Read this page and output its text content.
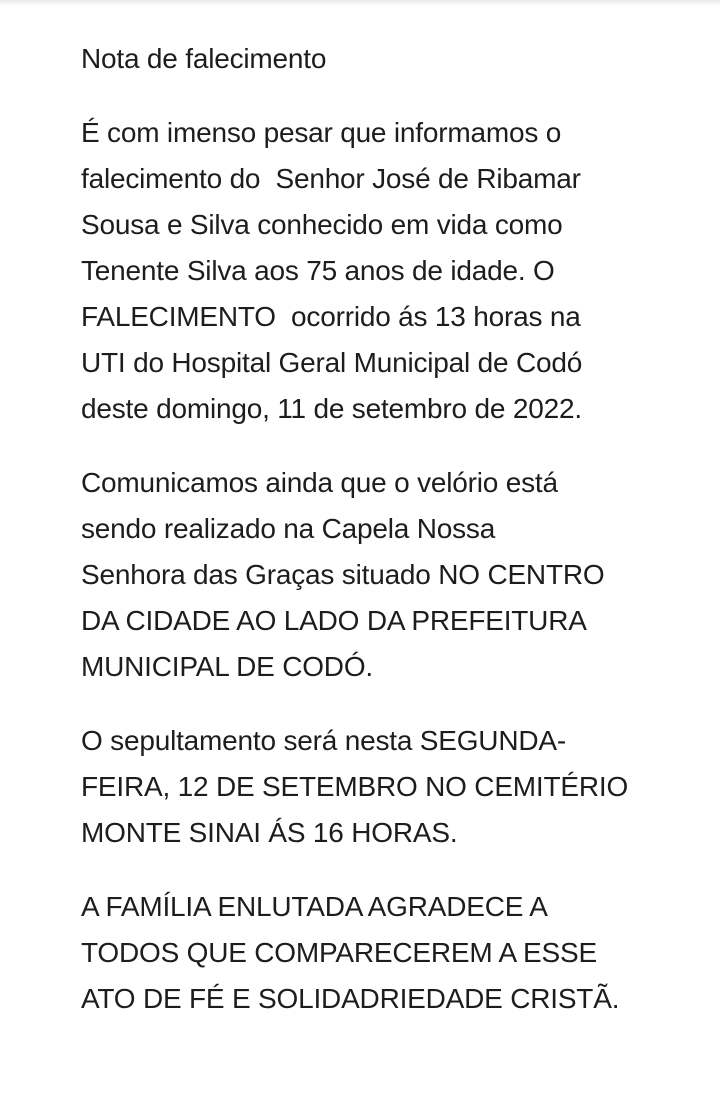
Nota de falecimento

É com imenso pesar que informamos o
falecimento do  Senhor José de Ribamar
Sousa e Silva conhecido em vida como
Tenente Silva aos 75 anos de idade. O
FALECIMENTO  ocorrido ás 13 horas na
UTI do Hospital Geral Municipal de Codó
deste domingo, 11 de setembro de 2022.

Comunicamos ainda que o velório está
sendo realizado na Capela Nossa
Senhora das Graças situado NO CENTRO
DA CIDADE AO LADO DA PREFEITURA
MUNICIPAL DE CODÓ.

O sepultamento será nesta SEGUNDA-
FEIRA, 12 DE SETEMBRO NO CEMITÉRIO
MONTE SINAI ÁS 16 HORAS.

A FAMÍLIA ENLUTADA AGRADECE A
TODOS QUE COMPARECEREM A ESSE
ATO DE FÉ E SOLIDADRIEDADE CRISTÃ.
